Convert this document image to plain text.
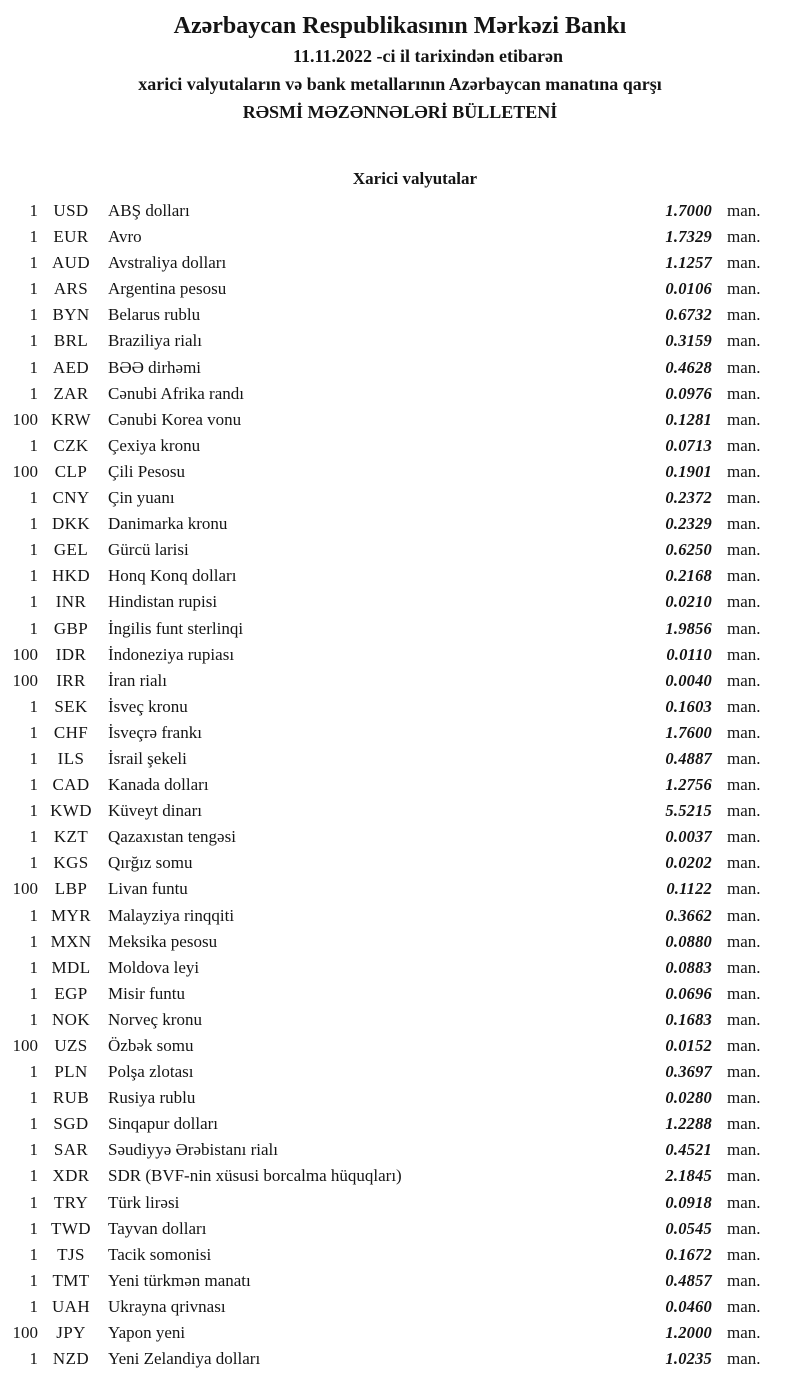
Azərbaycan Respublikasının Mərkəzi Bankı
11.11.2022 -ci il tarixindən etibarən
xarici valyutaların və bank metallarının Azərbaycan manatına qarşı
RƏSMİ MƏZƏNNƏLƏRİ BÜLLETENİ
Xarici valyutalar
1 USD	ABŞ dolları	1.7000 man.
1 EUR	Avro	1.7329 man.
1 AUD	Avstraliya dolları	1.1257 man.
1 ARS	Argentina pesosu	0.0106 man.
1 BYN	Belarus rublu	0.6732 man.
1 BRL	Braziliya rialı	0.3159 man.
1 AED	BƏƏ dirhəmi	0.4628 man.
1 ZAR	Cənubi Afrika randı	0.0976 man.
100 KRW	Cənubi Korea vonu	0.1281 man.
1 CZK	Çexiya kronu	0.0713 man.
100 CLP	Çili Pesosu	0.1901 man.
1 CNY	Çin yuanı	0.2372 man.
1 DKK	Danimarka kronu	0.2329 man.
1 GEL	Gürcü larisi	0.6250 man.
1 HKD	Honq Konq dolları	0.2168 man.
1	INR	Hindistan rupisi	0.0210 man.
1 GBP	İngilis funt sterlinqi	1.9856 man.
100	IDR	İndoneziya rupiası	0.0110 man.
100	IRR	İran rialı	0.0040 man.
1 SEK	İsveç kronu	0.1603 man.
1 CHF	İsveçrə frankı	1.7600 man.
1	ILS	İsrail şekeli	0.4887 man.
1 CAD	Kanada dolları	1.2756 man.
1 KWD Küveyt dinarı	5.5215 man.
1 KZT	Qazaxıstan tengəsi	0.0037 man.
1 KGS	Qırğız somu	0.0202 man.
100 LBP	Livan funtu	0.1122 man.
1 MYR	Malayziya rinqqiti	0.3662 man.
1 MXN Meksika pesosu	0.0880 man.
1 MDL	Moldova leyi	0.0883 man.
1 EGP	Misir funtu	0.0696 man.
1 NOK	Norveç kronu	0.1683 man.
100 UZS	Özbək somu	0.0152 man.
1 PLN	Polşa zlotası	0.3697 man.
1 RUB	Rusiya rublu	0.0280 man.
1 SGD	Sinqapur dolları	1.2288 man.
1 SAR	Səudiyyə Ərəbistanı rialı	0.4521 man.
1 XDR	SDR (BVF-nin xüsusi borcalma hüquqları)	2.1845 man.
1 TRY	Türk lirəsi	0.0918 man.
1 TWD	Tayvan dolları	0.0545 man.
1	TJS	Tacik somonisi	0.1672 man.
1 TMT	Yeni türkmən manatı	0.4857 man.
1 UAH	Ukrayna qrivnası	0.0460 man.
100	JPY	Yapon yeni	1.2000 man.
1 NZD	Yeni Zelandiya dolları	1.0235 man.
